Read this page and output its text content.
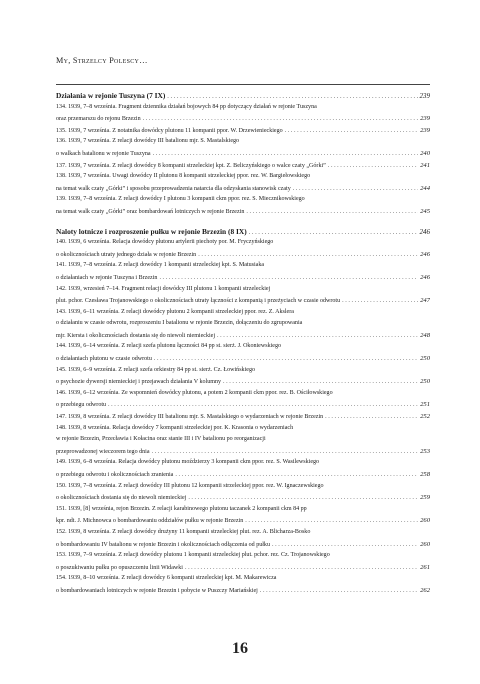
My, Strzelcy Polescy…
Działania w rejonie Tuszyna (7 IX) .....	239
134. 1939, 7–8 września. Fragment dziennika działań bojowych 84 pp dotyczący działań w rejonie Tuszyna
oraz przemarszu do rejonu Brzezin .....	239
135. 1939, 7 września. Z notatnika dowódcy plutonu 11 kompanii ppor. W. Drzewienieckiego .....	239
136. 1939, 7 września. Z relacji dowódcy III batalionu mjr. S. Mastalskiego
o walkach batalionu w rejonie Tuszyna .....	240
137. 1939, 7 września. Z relacji dowódcy 8 kompanii strzeleckiej kpt. Z. Beliczyńskiego o walce czaty „Górki” .....	241
138. 1939, 7 września. Uwagi dowódcy II plutonu 8 kompanii strzeleckiej ppor. rez. W. Bargiełowskiego
na temat walk czaty „Górki” i sposobu przeprowadzenia natarcia dla odzyskania stanowisk czaty .....	244
139. 1939, 7–8 września. Z relacji dowódcy I plutonu 3 kompanii ckm ppor. rez. S. Miecznikowskiego
na temat walk czaty „Górki” oraz bombardowań lotniczych w rejonie Brzezin .....	245
Naloty lotnicze i rozproszenie pułku w rejonie Brzezin (8 IX) .....	246
140. 1939, 6 września. Relacja dowódcy plutonu artylerii piechoty por. M. Fryczyńskiego
o okolicznościach utraty jednego działa w rejonie Brzezin .....	246
141. 1939, 7–8 września. Z relacji dowódcy 1 kompanii strzeleckiej kpt. S. Matusiaka
o działaniach w rejonie Tuszyna i Brzezin .....	246
142. 1939, wrzesień 7–14. Fragment relacji dowódcy III plutonu 1 kompanii strzeleckiej
plut. pchor. Czesława Trojanowskiego o okolicznościach utraty łączności z kompanią i przeżyciach w czasie odwrotu .....	247
143. 1939, 6–11 września. Z relacji dowódcy plutonu 2 kompanii strzeleckiej ppor. rez. Z. Akslera
o działaniu w czasie odwrotu, rozproszeniu I batalionu w rejonie Brzezin, dołączeniu do zgrupowania
mjr. Kiersta i okolicznościach dostania się do niewoli niemieckiej .....	248
144. 1939, 6–14 września. Z relacji szefa plutonu łączności 84 pp st. sierż. J. Okoniewskiego
o działaniach plutonu w czasie odwrotu .....	250
145. 1939, 6–9 września. Z relacji szefa orkiestry 84 pp st. sierż. Cz. Łowińskiego
o psychozie dywersji niemieckiej i przejawach działania V kolumny .....	250
146. 1939, 6–12 września. Ze wspomnień dowódcy plutonu, a potem 2 kompanii ckm ppor. rez. B. Ościłowskiego
o przebiegu odwrotu .....	251
147. 1939, 8 września. Z relacji dowódcy III batalionu mjr. S. Mastalskiego o wydarzeniach w rejonie Brzezin .....	252
148. 1939, 8 września. Relacja dowódcy 7 kompanii strzeleckiej por. K. Krasonia o wydarzeniach
w rejonie Brzezin, Przecławia i Kołacina oraz stanie III i IV batalionu po reorganizacji
przeprowadzonej wieczorem tego dnia .....	253
149. 1939, 6–8 września. Relacja dowódcy plutonu moździerzy 3 kompanii ckm ppor. rez. S. Wasilewskiego
o przebiegu odwrotu i okolicznościach zranienia .....	258
150. 1939, 7–8 września. Z relacji dowódcy III plutonu 12 kompanii strzeleckiej ppor. rez. W. Ignaczewskiego
o okolicznościach dostania się do niewoli niemieckiej .....	259
151. 1939, [8] września, rejon Brzezin. Z relacji karabinowego plutonu taczanek 2 kompanii ckm 84 pp
kpr. ndt. J. Michnowca o bombardowaniu oddziałów pułku w rejonie Brzezin .....	260
152. 1939, 8 września. Z relacji dowódcy drużyny 11 kompanii strzeleckiej plut. rez. A. Blicharza-Bosko
o bombardowaniu IV batalionu w rejonie Brzezin i okolicznościach odłączenia od pułku .....	260
153. 1939, 7–9 września. Z relacji dowódcy plutonu 1 kompanii strzeleckiej plut. pchor. rez. Cz. Trojanowskiego
o poszukiwaniu pułku po opuszczeniu linii Widawki .....	261
154. 1939, 8–10 września. Z relacji dowódcy 6 kompanii strzeleckiej kpt. M. Makarewicza
o bombardowaniach lotniczych w rejonie Brzezin i pobycie w Puszczy Mariańskiej .....	262
16
